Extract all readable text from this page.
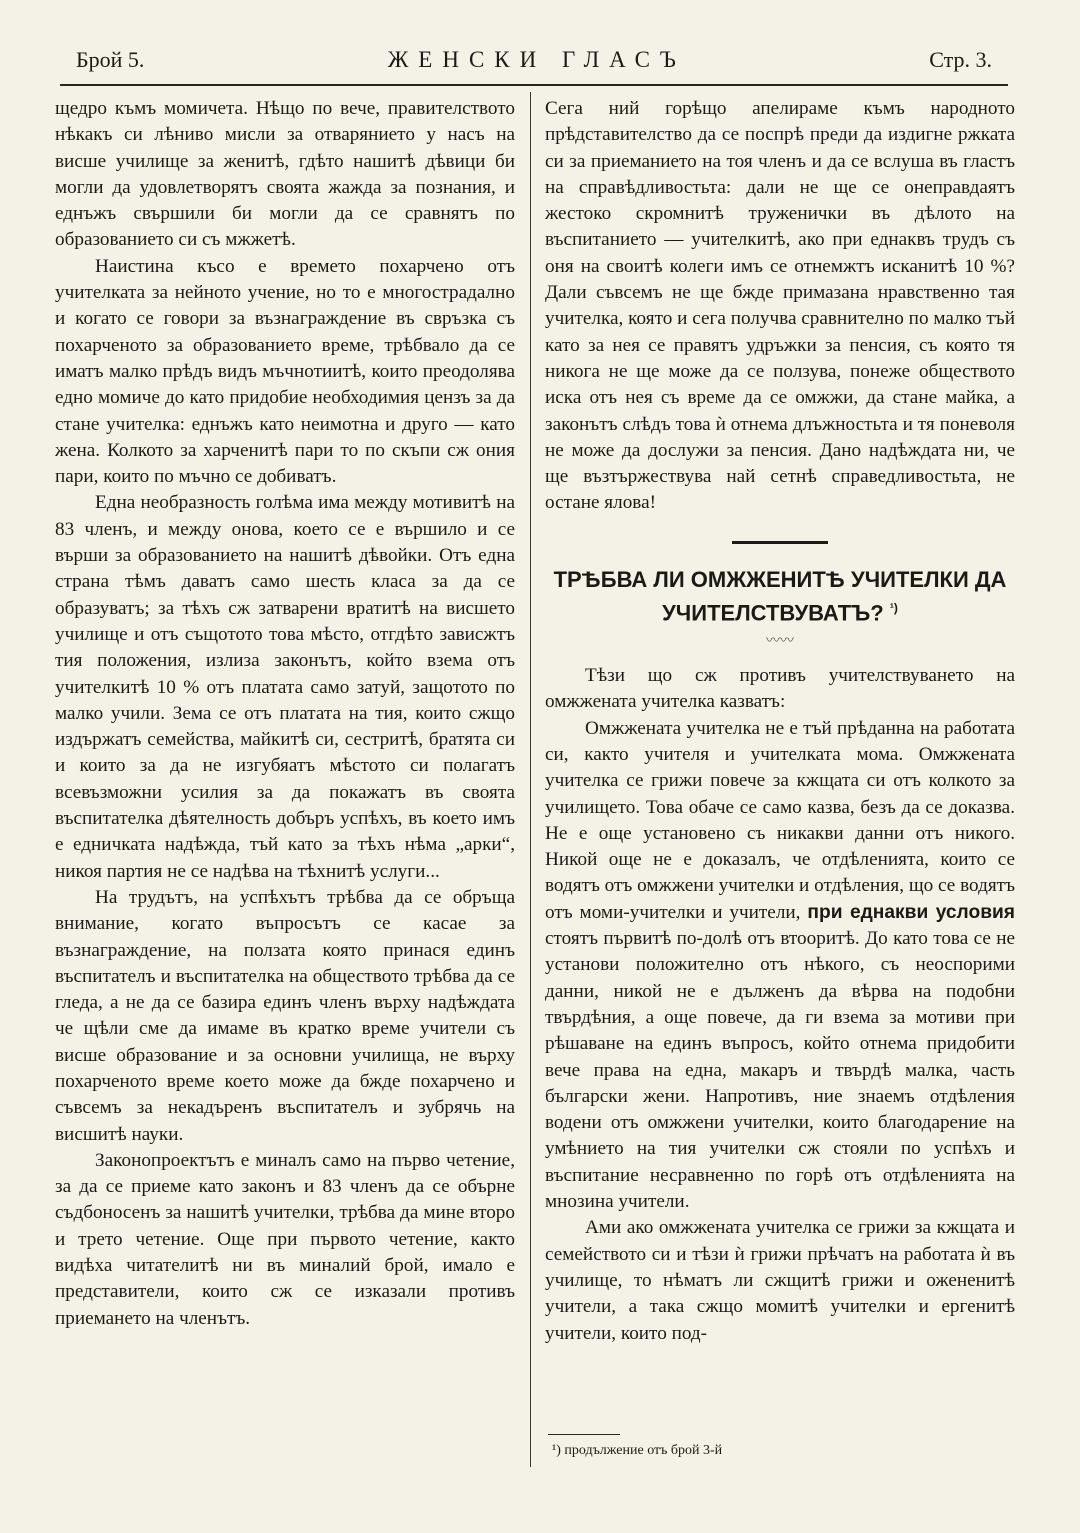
Брой 5.	ЖЕНСКИ ГЛАСЪ	Стр. 3.

щедро къмъ момичета. Нѣщо по вече, правителството нѣкакъ си лѣниво мисли за отварянието у насъ на висше училище за женитѣ, гдѣто нашитѣ дѣвици би могли да удовлетворятъ своята жажда за познания, и еднъжъ свършили би могли да се сравнятъ по образованието си съ мжжетѣ.

Наистина късо е времето похарчено отъ учителката за нейното учение, но то е многострадално и когато се говори за възнаграждение въ свръзка съ похарченото за образованието време, трѣбвало да се иматъ малко прѣдъ видъ мъчнотиитѣ, които преодолява едно момиче до като придобие необходимия цензъ за да стане учителка: еднъжъ като неимотна и друго — като жена. Колкото за харченитѣ пари то по скъпи сж ония пари, които по мъчно се добиватъ.

Една необразность голѣма има между мотивитѣ на 83 членъ, и между онова, което се е вършило и се върши за образованието на нашитѣ дѣвойки. Отъ една страна тѣмъ даватъ само шесть класа за да се образуватъ; за тѣхъ сж затварени вратитѣ на висшето училище и отъ същотото това мѣсто, отгдѣто зависжтъ тия положения, излиза законътъ, който взема отъ учителкитѣ 10 % отъ платата само затуй, защотото по малко учили. Зема се отъ платата на тия, които сжщо издържатъ семейства, майкитѣ си, сестритѣ, братята си и които за да не изгубяатъ мѣстото си полагатъ всевъзможни усилия за да покажатъ въ своята въспитателка дѣятелность добъръ успѣхъ, въ което имъ е едничката надѣжда, тъй като за тѣхъ нѣма „арки“, никоя партия не се надѣва на тѣхнитѣ услуги...

На трудътъ, на успѣхътъ трѣбва да се обръща внимание, когато въпросътъ се касае за възнаграждение, на ползата която принася единъ въспитателъ и въспитателка на обществото трѣбва да се гледа, а не да се базира единъ членъ върху надѣждата че щѣли сме да имаме въ кратко време учители съ висше образование и за основни училища, не върху похарченото време което може да бжде похарчено и съвсемъ за некадъренъ въспитателъ и зубрячь на висшитѣ науки.

Законопроектътъ е миналъ само на първо четение, за да се приеме като законъ и 83 членъ да се обърне съдбоносенъ за нашитѣ учителки, трѣбва да мине второ и трето четение. Още при първото четение, както видѣха читателитѣ ни въ миналий брой, имало е представители, които сж се изказали противъ приемането на членътъ.

Сега ний горѣщо апелираме къмъ народното прѣдставителство да се поспрѣ преди да издигне ржката си за приеманието на тоя членъ и да се вслуша въ гластъ на справѣдливостьта: дали не ще се онеправдаятъ жестоко скромнитѣ труженички въ дѣлото на въспитанието — учителкитѣ, ако при еднаквъ трудъ съ оня на своитѣ колеги имъ се отнемжтъ исканитѣ 10 %? Дали съвсемъ не ще бжде примазана нравственно тая учителка, която и сега получва сравнително по малко тъй като за нея се правятъ удръжки за пенсия, съ която тя никога не ще може да се ползува, понеже обществото иска отъ нея съ време да се омжжи, да стане майка, а законътъ слѣдъ това ѝ отнема длъжностьта и тя поневоля не може да дослужи за пенсия. Дано надѣждата ни, че ще възтържествува най сетнѣ справедливостьта, не остане ялова!

ТРѢБВА ЛИ ОМЖЖЕНИТѢ УЧИТЕЛКИ ДА
УЧИТЕЛСТВУВАТЪ? $^{^1)}$
〰〰

Тѣзи що сж противъ учителствуването на омжжената учителка казватъ:

Омжжената учителка не е тъй прѣданна на работата си, както учителя и учителката мома. Омжжената учителка се грижи повече за кжщата си отъ колкото за училището. Това обаче се само казва, безъ да се доказва. Не е още установено съ никакви данни отъ никого. Никой още не е доказалъ, че отдѣленията, които се водятъ отъ омжжени учителки и отдѣления, що се водятъ отъ моми-учителки и учители, при еднакви условия стоятъ първитѣ по-долѣ отъ втооритѣ. До като това се не установи положително отъ нѣкого, съ неоспорими данни, никой не е дълженъ да вѣрва на подобни твърдѣния, а още повече, да ги взема за мотиви при рѣшаване на единъ въпросъ, който отнема придобити вече права на една, макаръ и твърдѣ малка, часть български жени. Напротивъ, ние знаемъ отдѣления водени отъ омжжени учителки, които благодарение на умѣнието на тия учителки сж стояли по успѣхъ и въспитание несравненно по горѣ отъ отдѣленията на мнозина учители.

Ами ако омжжената учителка се грижи за кжщата и семейството си и тѣзи ѝ грижи прѣчатъ на работата ѝ въ училище, то нѣматъ ли сжщитѣ грижи и ожененитѣ учители, а така сжщо момитѣ учителки и ергенитѣ учители, които под-

¹) продължение отъ брой 3-й
